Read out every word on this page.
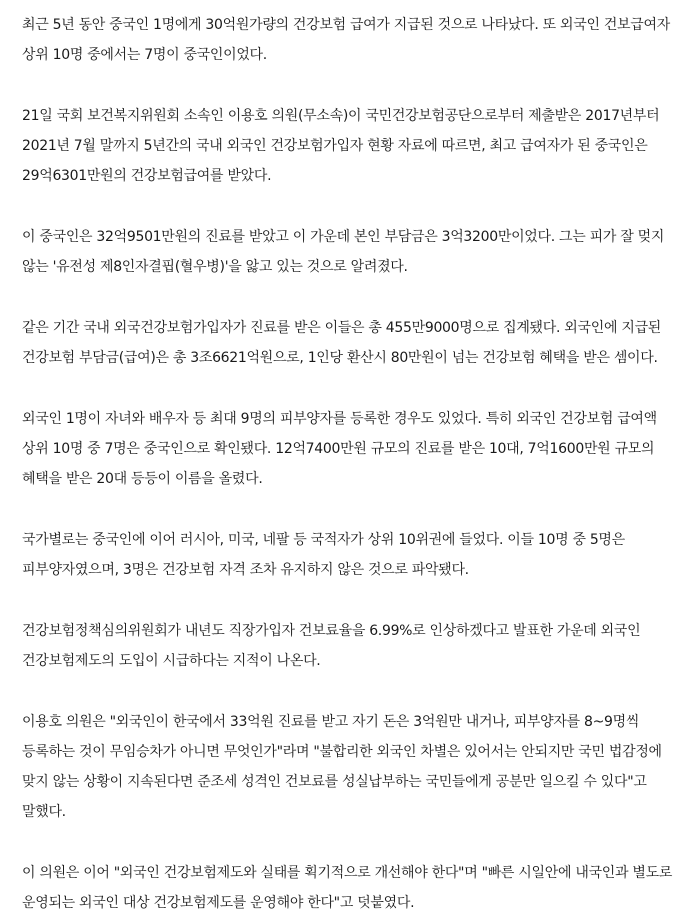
최근 5년 동안 중국인 1명에게 30억원가량의 건강보험 급여가 지급된 것으로 나타났다. 또 외국인 건보급여자 상위 10명 중에서는 7명이 중국인이었다.

21일 국회 보건복지위원회 소속인 이용호 의원(무소속)이 국민건강보험공단으로부터 제출받은 2017년부터 2021년 7월 말까지 5년간의 국내 외국인 건강보험가입자 현황 자료에 따르면, 최고 급여자가 된 중국인은 29억6301만원의 건강보험급여를 받았다.

이 중국인은 32억9501만원의 진료를 받았고 이 가운데 본인 부담금은 3억3200만이었다. 그는 피가 잘 멎지 않는 '유전성 제8인자결핍(혈우병)'을 앓고 있는 것으로 알려졌다.

같은 기간 국내 외국건강보험가입자가 진료를 받은 이들은 총 455만9000명으로 집계됐다. 외국인에 지급된 건강보험 부담금(급여)은 총 3조6621억원으로, 1인당 환산시 80만원이 넘는 건강보험 혜택을 받은 셈이다.

외국인 1명이 자녀와 배우자 등 최대 9명의 피부양자를 등록한 경우도 있었다. 특히 외국인 건강보험 급여액 상위 10명 중 7명은 중국인으로 확인됐다. 12억7400만원 규모의 진료를 받은 10대, 7억1600만원 규모의 혜택을 받은 20대 등등이 이름을 올렸다.

국가별로는 중국인에 이어 러시아, 미국, 네팔 등 국적자가 상위 10위권에 들었다. 이들 10명 중 5명은 피부양자였으며, 3명은 건강보험 자격 조차 유지하지 않은 것으로 파악됐다.

건강보험정책심의위원회가 내년도 직장가입자 건보료율을 6.99%로 인상하겠다고 발표한 가운데 외국인 건강보험제도의 도입이 시급하다는 지적이 나온다.

이용호 의원은 "외국인이 한국에서 33억원 진료를 받고 자기 돈은 3억원만 내거나, 피부양자를 8~9명씩 등록하는 것이 무임승차가 아니면 무엇인가"라며 "불합리한 외국인 차별은 있어서는 안되지만 국민 법감정에 맞지 않는 상황이 지속된다면 준조세 성격인 건보료를 성실납부하는 국민들에게 공분만 일으킬 수 있다"고 말했다.

이 의원은 이어 "외국인 건강보험제도와 실태를 획기적으로 개선해야 한다"며 "빠른 시일안에 내국인과 별도로 운영되는 외국인 대상 건강보험제도를 운영해야 한다"고 덧붙였다.
